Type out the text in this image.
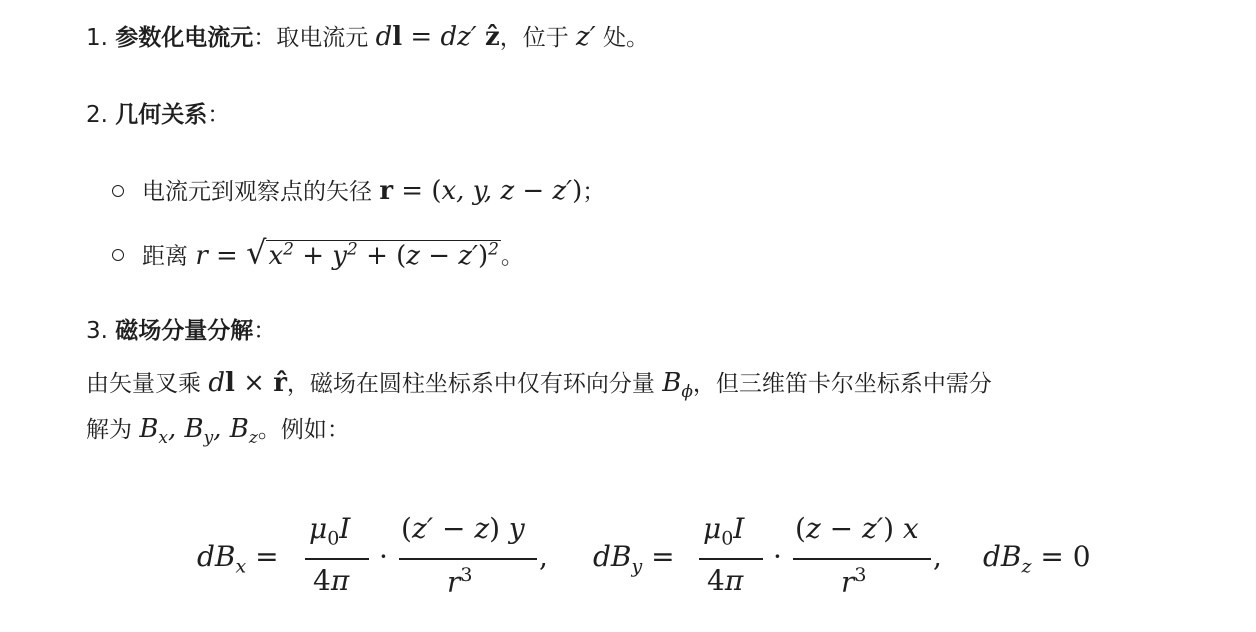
1. 参数化电流元：取电流元 dl = dz′ ẑ，位于 z′ 处。
2. 几何关系：
电流元到观察点的矢径 r = (x, y, z − z′)；
距离 $r = √x^2 + y^2 + (z - z')^2$。
3. 磁场分量分解：
由矢量叉乘 dl × r̂，磁场在圆柱坐标系中仅有环向分量 $B_\phi$，但三维笛卡尔坐标系中需分
解为 $B_x$, $B_y$, $B_z$。例如：
$dB_x$ =
$\mu_0I$
4π
·
(z′ − z) y
$r^3$
, $dB_y$ =
$\mu_0I$
4π
·
(z − z′) x
$r^3$
, $dB_z = 0$
